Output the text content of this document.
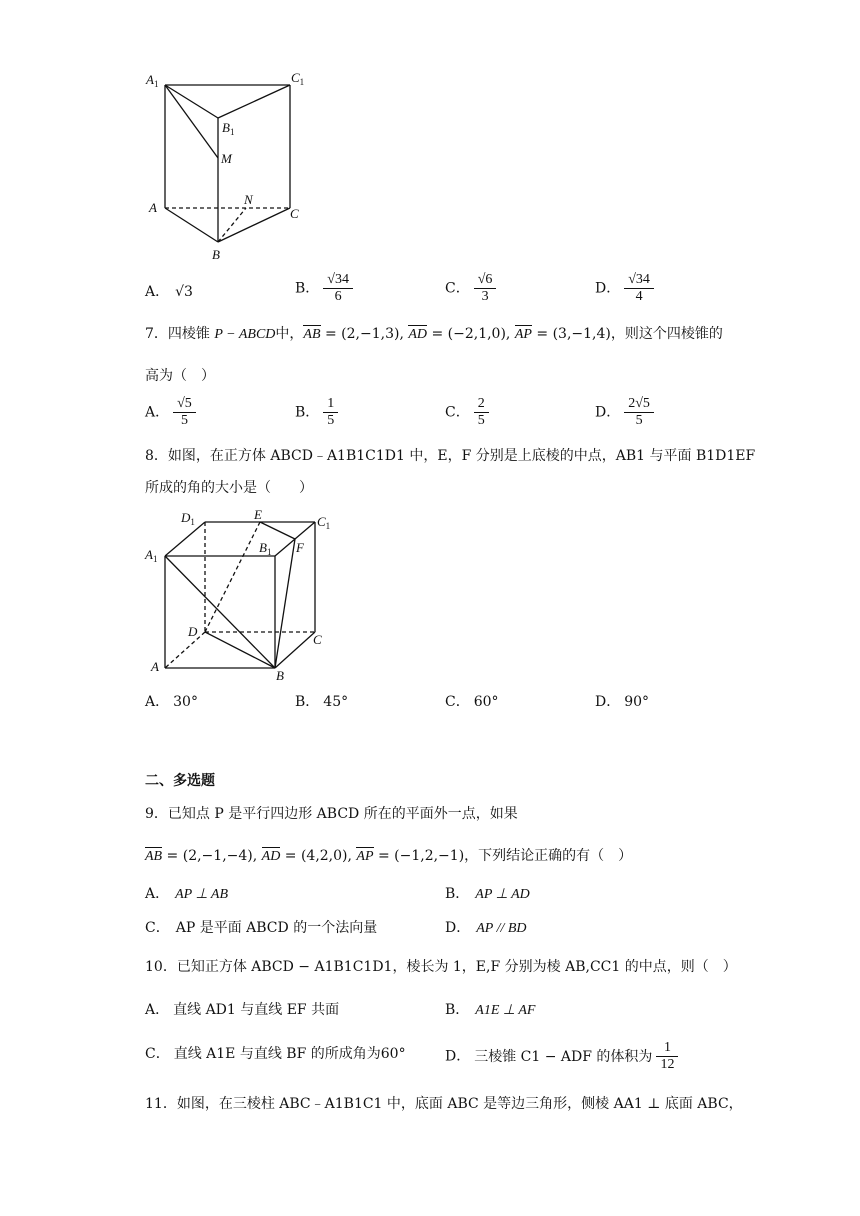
$A_1$	$C_1$
$B_1$
M
A
N
C
B
A． √3	B． $\frac{√34}{6}$	C． $\frac{√6}{3}$	D． $\frac{√34}{4}$
7．四棱锥 P − ABCD中，AB = (2,−1,3), AD = (−2,1,0), AP = (3,−1,4)，则这个四棱锥的
高为（　）
A． $\frac{√5}{5}$	B． $\frac{1}{5}$	C． $\frac{2}{5}$	D． $\frac{2√5}{5}$
8．如图，在正方体 ABCD﹣A1B1C1D1 中，E，F 分别是上底棱的中点，AB1 与平面 B1D1EF
所成的角的大小是（　　）
$D_1$	E	$C_1$
$A_1$
$B_1$ F
D
C
A
B
A． 30°	B． 45°	C． 60°	D． 90°
二、多选题
9．已知点 P 是平行四边形 ABCD 所在的平面外一点，如果
AB = (2,−1,−4), AD = (4,2,0), AP = (−1,2,−1)，下列结论正确的有（　）
A． AP ⊥ AB	B． AP ⊥ AD
C． AP 是平面 ABCD 的一个法向量	D． AP // BD
10．已知正方体 ABCD − A1B1C1D1，棱长为 1，E,F 分别为棱 AB,CC1 的中点，则（　）
A． 直线 AD1 与直线 EF 共面	B． A1E ⊥ AF
C． 直线 A1E 与直线 BF 的所成角为60°	D． 三棱锥 C1 − ADF 的体积为 $\frac{1}{12}$
11．如图，在三棱柱 ABC﹣A1B1C1 中，底面 ABC 是等边三角形，侧棱 AA1 ⊥ 底面 ABC，
